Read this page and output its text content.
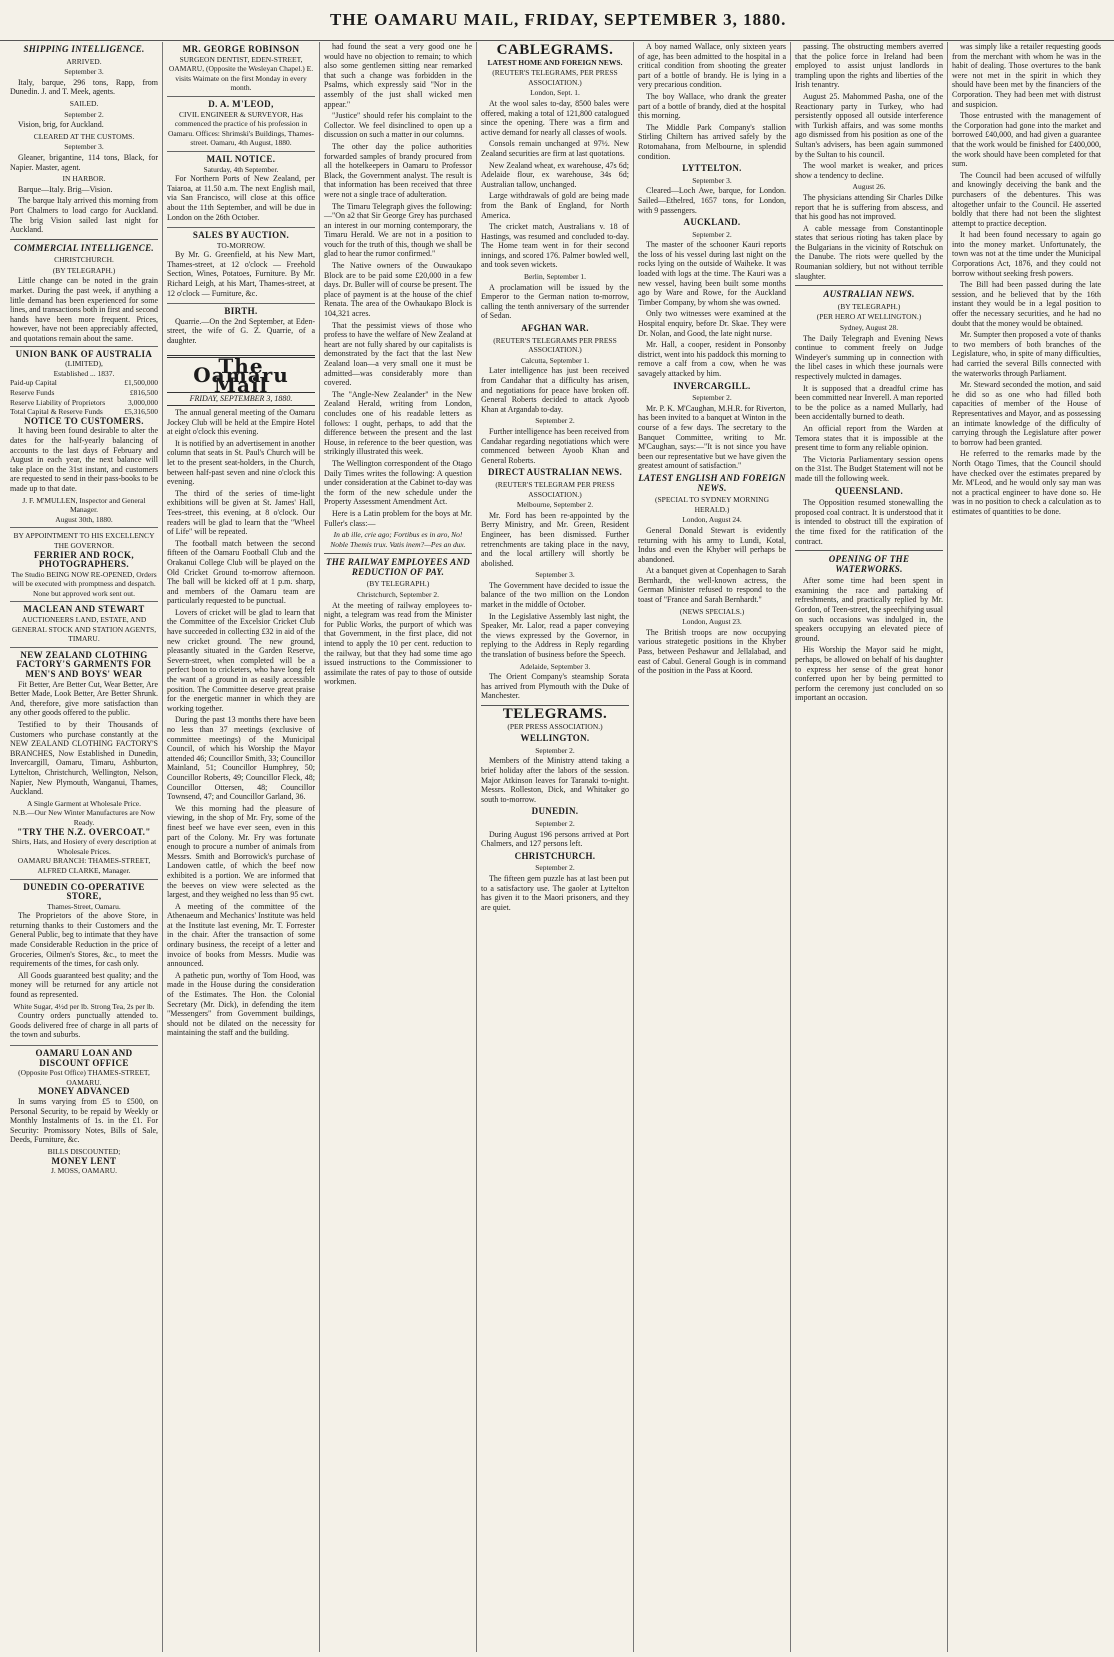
THE OAMARU MAIL, FRIDAY, SEPTEMBER 3, 1880.
SHIPPING INTELLIGENCE.
ARRIVED.
September 3.
Italy, barque, 296 tons, Rapp, from Dunedin. J. and T. Meek, agents.
SAILED.
September 2.
Vision, brig, for Auckland.
CLEARED AT THE CUSTOMS.
September 3.
Gleaner, brigantine, 114 tons, Black, for Napier. Master, agent.
IN HARBOR.
Barque—Italy. Brig—Vision.
The barque Italy arrived this morning from Port Chalmers to load cargo for Auckland. The brig Vision sailed last night for Auckland.
COMMERCIAL INTELLIGENCE.
CHRISTCHURCH.
(BY TELEGRAPH.)
Little change can be noted in the grain market. During the past week, if anything a little demand has been experienced for some lines, and transactions both in first and second hands have been more frequent. Prices, however, have not been appreciably affected, and quotations remain about the same.
UNION BANK OF AUSTRALIA
(LIMITED),
Established ... 1837.
Paid-up Capital	£1,500,000
Reserve Funds	£816,500
Reserve Liability of Proprietors	3,000,000
Total Capital & Reserve Funds	£5,316,500
NOTICE TO CUSTOMERS.
It having been found desirable to alter the dates for the half-yearly balancing of accounts to the last days of February and August in each year, the next balance will take place on the 31st instant, and customers are requested to send in their pass-books to be made up to that date.
J. F. M'MULLEN, Inspector and General Manager.
August 30th, 1880.
BY APPOINTMENT TO HIS EXCELLENCY THE GOVERNOR.
FERRIER AND ROCK, PHOTOGRAPHERS.
The Studio BEING NOW RE-OPENED, Orders will be executed with promptness and despatch. None but approved work sent out.
MACLEAN AND STEWART
AUCTIONEERS LAND, ESTATE, AND GENERAL STOCK AND STATION AGENTS, TIMARU.
NEW ZEALAND CLOTHING FACTORY'S GARMENTS FOR MEN'S AND BOYS' WEAR
Fit Better, Are Better Cut, Wear Better, Are Better Made, Look Better, Are Better Shrunk. And, therefore, give more satisfaction than any other goods offered to the public.
Testified to by their Thousands of Customers who purchase constantly at the NEW ZEALAND CLOTHING FACTORY'S BRANCHES, Now Established in Dunedin, Invercargill, Oamaru, Timaru, Ashburton, Lyttelton, Christchurch, Wellington, Nelson, Napier, New Plymouth, Wanganui, Thames, Auckland.
A Single Garment at Wholesale Price.
N.B.—Our New Winter Manufactures are Now Ready.
"TRY THE N.Z. OVERCOAT."
Shirts, Hats, and Hosiery of every description at Wholesale Prices.
OAMARU BRANCH: THAMES-STREET, ALFRED CLARKE, Manager.
DUNEDIN CO-OPERATIVE STORE,
Thames-Street, Oamaru.
The Proprietors of the above Store, in returning thanks to their Customers and the General Public, beg to intimate that they have made Considerable Reduction in the price of Groceries, Oilmen's Stores, &c., to meet the requirements of the times, for cash only.
All Goods guaranteed best quality; and the money will be returned for any article not found as represented.
White Sugar, 4½d per lb. Strong Tea, 2s per lb.
Country orders punctually attended to. Goods delivered free of charge in all parts of the town and suburbs.
OAMARU LOAN AND DISCOUNT OFFICE
(Opposite Post Office) THAMES-STREET, OAMARU.
MONEY ADVANCED
In sums varying from £5 to £500, on Personal Security, to be repaid by Weekly or Monthly Instalments of 1s. in the £1. For Security: Promissory Notes, Bills of Sale, Deeds, Furniture, &c.
BILLS DISCOUNTED;
MONEY LENT
J. MOSS, OAMARU.
MR. GEORGE ROBINSON
SURGEON DENTIST, EDEN-STREET, OAMARU, (Opposite the Wesleyan Chapel.) E. visits Waimate on the first Monday in every month.
D. A. M'LEOD,
CIVIL ENGINEER & SURVEYOR, Has commenced the practice of his profession in Oamaru. Offices: Shrimski's Buildings, Thames-street. Oamaru, 4th August, 1880.
MAIL NOTICE.
Saturday, 4th September.
For Northern Ports of New Zealand, per Taiaroa, at 11.50 a.m. The next English mail, via San Francisco, will close at this office about the 11th September, and will be due in London on the 26th October.
SALES BY AUCTION.
TO-MORROW.
By Mr. G. Greenfield, at his New Mart, Thames-street, at 12 o'clock — Freehold Section, Wines, Potatoes, Furniture. By Mr. Richard Leigh, at his Mart, Thames-street, at 12 o'clock — Furniture, &c.
BIRTH.
Quarrie.—On the 2nd September, at Eden-street, the wife of G. Z. Quarrie, of a daughter.
The Oamaru Mail
FRIDAY, SEPTEMBER 3, 1880.
The annual general meeting of the Oamaru Jockey Club will be held at the Empire Hotel at eight o'clock this evening.
It is notified by an advertisement in another column that seats in St. Paul's Church will be let to the present seat-holders, in the Church, between half-past seven and nine o'clock this evening.
The third of the series of time-light exhibitions will be given at St. James' Hall, Tees-street, this evening, at 8 o'clock. Our readers will be glad to learn that the "Wheel of Life" will be repeated.
The football match between the second fifteen of the Oamaru Football Club and the Orakanui College Club will be played on the Old Cricket Ground to-morrow afternoon. The ball will be kicked off at 1 p.m. sharp, and members of the Oamaru team are particularly requested to be punctual.
Lovers of cricket will be glad to learn that the Committee of the Excelsior Cricket Club have succeeded in collecting £32 in aid of the new cricket ground. The new ground, pleasantly situated in the Garden Reserve, Severn-street, when completed will be a perfect boon to cricketers, who have long felt the want of a ground in as easily accessible position. The Committee deserve great praise for the energetic manner in which they are working together.
During the past 13 months there have been no less than 37 meetings (exclusive of committee meetings) of the Municipal Council, of which his Worship the Mayor attended 46; Councillor Smith, 33; Councillor Mainland, 51; Councillor Humphrey, 50; Councillor Roberts, 49; Councillor Fleck, 48; Councillor Ottersen, 48; Councillor Townsend, 47; and Councillor Garland, 36.
We this morning had the pleasure of viewing, in the shop of Mr. Fry, some of the finest beef we have ever seen, even in this part of the Colony. Mr. Fry was fortunate enough to procure a number of animals from Messrs. Smith and Borrowick's purchase of Landowen cattle, of which the beef now exhibited is a portion. We are informed that the beeves on view were selected as the largest, and they weighed no less than 95 cwt.
A meeting of the committee of the Athenaeum and Mechanics' Institute was held at the Institute last evening, Mr. T. Forrester in the chair. After the transaction of some ordinary business, the receipt of a letter and invoice of books from Messrs. Mudie was announced.
A pathetic pun, worthy of Tom Hood, was made in the House during the consideration of the Estimates. The Hon. the Colonial Secretary (Mr. Dick), in defending the item "Messengers" from Government buildings, should not be dilated on the necessity for maintaining the staff and the building.
had found the seat a very good one he would have no objection to remain; to which also some gentlemen sitting near remarked that such a change was forbidden in the Psalms, which expressly said "Nor in the assembly of the just shall wicked men appear."
"Justice" should refer his complaint to the Collector. We feel disinclined to open up a discussion on such a matter in our columns.
The other day the police authorities forwarded samples of brandy procured from all the hotelkeepers in Oamaru to Professor Black, the Government analyst. The result is that information has been received that three were not a single trace of adulteration.
The Timaru Telegraph gives the following:—"On a2 that Sir George Grey has purchased an interest in our morning contemporary, the Timaru Herald. We are not in a position to vouch for the truth of this, though we shall be glad to hear the rumor confirmed."
The Native owners of the Ouwaukapo Block are to be paid some £20,000 in a few days. Dr. Buller will of course be present. The place of payment is at the house of the chief Renata. The area of the Owhaukapo Block is 104,321 acres.
That the pessimist views of those who profess to have the welfare of New Zealand at heart are not fully shared by our capitalists is demonstrated by the fact that the last New Zealand loan—a very small one it must be admitted—was considerably more than covered.
The "Angle-New Zealander" in the New Zealand Herald, writing from London, concludes one of his readable letters as follows: I ought, perhaps, to add that the difference between the present and the last House, in reference to the beer question, was strikingly illustrated this week.
The Wellington correspondent of the Otago Daily Times writes the following: A question under consideration at the Cabinet to-day was the form of the new schedule under the Property Assessment Amendment Act.
Here is a Latin problem for the boys at Mr. Fuller's class:—
In ab ille, crie ago; Fortibus es in aro, No! Noble Themis trux. Vatis inem?—Pes an dux.
THE RAILWAY EMPLOYEES AND REDUCTION OF PAY.
(BY TELEGRAPH.)
Christchurch, September 2.
At the meeting of railway employees to-night, a telegram was read from the Minister for Public Works, the purport of which was that Government, in the first place, did not intend to apply the 10 per cent. reduction to the railway, but that they had some time ago issued instructions to the Commissioner to assimilate the rates of pay to those of outside workmen.
CABLEGRAMS.
LATEST HOME AND FOREIGN NEWS.
(REUTER'S TELEGRAMS, PER PRESS ASSOCIATION.)
London, Sept. 1.
At the wool sales to-day, 8500 bales were offered, making a total of 121,800 catalogued since the opening. There was a firm and active demand for nearly all classes of wools.
Consols remain unchanged at 97½. New Zealand securities are firm at last quotations.
New Zealand wheat, ex warehouse, 47s 6d; Adelaide flour, ex warehouse, 34s 6d; Australian tallow, unchanged.
Large withdrawals of gold are being made from the Bank of England, for North America.
The cricket match, Australians v. 18 of Hastings, was resumed and concluded to-day. The Home team went in for their second innings, and scored 176. Palmer bowled well, and took seven wickets.
Berlin, September 1.
A proclamation will be issued by the Emperor to the German nation to-morrow, calling the tenth anniversary of the surrender of Sedan.
AFGHAN WAR.
(REUTER'S TELEGRAMS PER PRESS ASSOCIATION.)
Calcutta, September 1.
Later intelligence has just been received from Candahar that a difficulty has arisen, and negotiations for peace have broken off. General Roberts decided to attack Ayoob Khan at Argandab to-day.
September 2.
Further intelligence has been received from Candahar regarding negotiations which were commenced between Ayoob Khan and General Roberts.
DIRECT AUSTRALIAN NEWS.
(REUTER'S TELEGRAM PER PRESS ASSOCIATION.)
Melbourne, September 2.
Mr. Ford has been re-appointed by the Berry Ministry, and Mr. Green, Resident Engineer, has been dismissed. Further retrenchments are taking place in the navy, and the local artillery will shortly be abolished.
September 3.
The Government have decided to issue the balance of the two million on the London market in the middle of October.
In the Legislative Assembly last night, the Speaker, Mr. Lalor, read a paper conveying the views expressed by the Governor, in replying to the Address in Reply regarding the translation of business before the Speech.
Adelaide, September 3.
The Orient Company's steamship Sorata has arrived from Plymouth with the Duke of Manchester.
TELEGRAMS.
(PER PRESS ASSOCIATION.)
WELLINGTON.
September 2.
Members of the Ministry attend taking a brief holiday after the labors of the session. Major Atkinson leaves for Taranaki to-night. Messrs. Rolleston, Dick, and Whitaker go south to-morrow.
DUNEDIN.
September 2.
During August 196 persons arrived at Port Chalmers, and 127 persons left.
CHRISTCHURCH.
September 2.
The fifteen gem puzzle has at last been put to a satisfactory use. The gaoler at Lyttelton has given it to the Maori prisoners, and they are quiet.
A boy named Wallace, only sixteen years of age, has been admitted to the hospital in a critical condition from shooting the greater part of a bottle of brandy. He is lying in a very precarious condition.
The boy Wallace, who drank the greater part of a bottle of brandy, died at the hospital this morning.
The Middle Park Company's stallion Stirling Chiltern has arrived safely by the Rotomahana, from Melbourne, in splendid condition.
LYTTELTON.
September 3.
Cleared—Loch Awe, barque, for London. Sailed—Ethelred, 1657 tons, for London, with 9 passengers.
AUCKLAND.
September 2.
The master of the schooner Kauri reports the loss of his vessel during last night on the rocks lying on the outside of Waiheke. It was loaded with logs at the time. The Kauri was a new vessel, having been built some months ago by Ware and Rowe, for the Auckland Timber Company, by whom she was owned.
Only two witnesses were examined at the Hospital enquiry, before Dr. Skae. They were Dr. Nolan, and Good, the late night nurse.
Mr. Hall, a cooper, resident in Ponsonby district, went into his paddock this morning to remove a calf from a cow, when he was savagely attacked by him.
INVERCARGILL.
September 2.
Mr. P. K. M'Caughan, M.H.R. for Riverton, has been invited to a banquet at Winton in the course of a few days. The secretary to the Banquet Committee, writing to Mr. M'Caughan, says:—"It is not since you have been our representative but we have given the greatest amount of satisfaction."
LATEST ENGLISH AND FOREIGN NEWS.
(SPECIAL TO SYDNEY MORNING HERALD.)
London, August 24.
General Donald Stewart is evidently returning with his army to Lundi, Kotal, Indus and even the Khyber will perhaps be abandoned.
At a banquet given at Copenhagen to Sarah Bernhardt, the well-known actress, the German Minister refused to respond to the toast of "France and Sarah Bernhardt."
(NEWS SPECIALS.)
London, August 23.
The British troops are now occupying various strategetic positions in the Khyber Pass, between Peshawur and Jellalabad, and east of Cabul. General Gough is in command of the position in the Pass at Koord.
passing. The obstructing members averred that the police force in Ireland had been employed to assist unjust landlords in trampling upon the rights and liberties of the Irish tenantry.
August 25. Mahommed Pasha, one of the Reactionary party in Turkey, who had persistently opposed all outside interference with Turkish affairs, and was some months ago dismissed from his position as one of the Sultan's advisers, has been again summoned by the Sultan to his council.
The wool market is weaker, and prices show a tendency to decline.
August 26.
The physicians attending Sir Charles Dilke report that he is suffering from abscess, and that his good has not improved.
A cable message from Constantinople states that serious rioting has taken place by the Bulgarians in the vicinity of Rotschuk on the Danube. The riots were quelled by the Roumanian soldiery, but not without terrible slaughter.
AUSTRALIAN NEWS.
(BY TELEGRAPH.)
(PER HERO AT WELLINGTON.)
Sydney, August 28.
The Daily Telegraph and Evening News continue to comment freely on Judge Windeyer's summing up in connection with the libel cases in which these journals were respectively mulcted in damages.
It is supposed that a dreadful crime has been committed near Inverell. A man reported to be the police as a named Mullarly, had been accidentally burned to death.
An official report from the Warden at Temora states that it is impossible at the present time to form any reliable opinion.
The Victoria Parliamentary session opens on the 31st. The Budget Statement will not be made till the following week.
QUEENSLAND.
The Opposition resumed stonewalling the proposed coal contract. It is understood that it is intended to obstruct till the expiration of the time fixed for the ratification of the contract.
OPENING OF THE WATERWORKS.
After some time had been spent in examining the race and partaking of refreshments, and practically replied by Mr. Gordon, of Teen-street, the speechifying usual on such occasions was indulged in, the speakers occupying an elevated piece of ground.
His Worship the Mayor said he might, perhaps, be allowed on behalf of his daughter to express her sense of the great honor conferred upon her by being permitted to perform the ceremony just concluded on so important an occasion.
was simply like a retailer requesting goods from the merchant with whom he was in the habit of dealing. Those overtures to the bank were not met in the spirit in which they should have been met by the financiers of the Corporation. They had been met with distrust and suspicion.
Those entrusted with the management of the Corporation had gone into the market and borrowed £40,000, and had given a guarantee that the work would be finished for £400,000, the work should have been completed for that sum.
The Council had been accused of wilfully and knowingly deceiving the bank and the purchasers of the debentures. This was altogether unfair to the Council. He asserted boldly that there had not been the slightest attempt to practice deception.
It had been found necessary to again go into the money market. Unfortunately, the town was not at the time under the Municipal Corporations Act, 1876, and they could not borrow without seeking fresh powers.
The Bill had been passed during the late session, and he believed that by the 16th instant they would be in a legal position to offer the necessary securities, and he had no doubt that the money would be obtained.
Mr. Sumpter then proposed a vote of thanks to two members of both branches of the Legislature, who, in spite of many difficulties, had carried the several Bills connected with the waterworks through Parliament.
Mr. Steward seconded the motion, and said he did so as one who had filled both capacities of member of the House of Representatives and Mayor, and as possessing an intimate knowledge of the difficulty of carrying through the Legislature after power to borrow had been granted.
He referred to the remarks made by the North Otago Times, that the Council should have checked over the estimates prepared by Mr. M'Leod, and he would only say man was not a practical engineer to have done so. He was in no position to check a calculation as to estimates of quantities to be done.
